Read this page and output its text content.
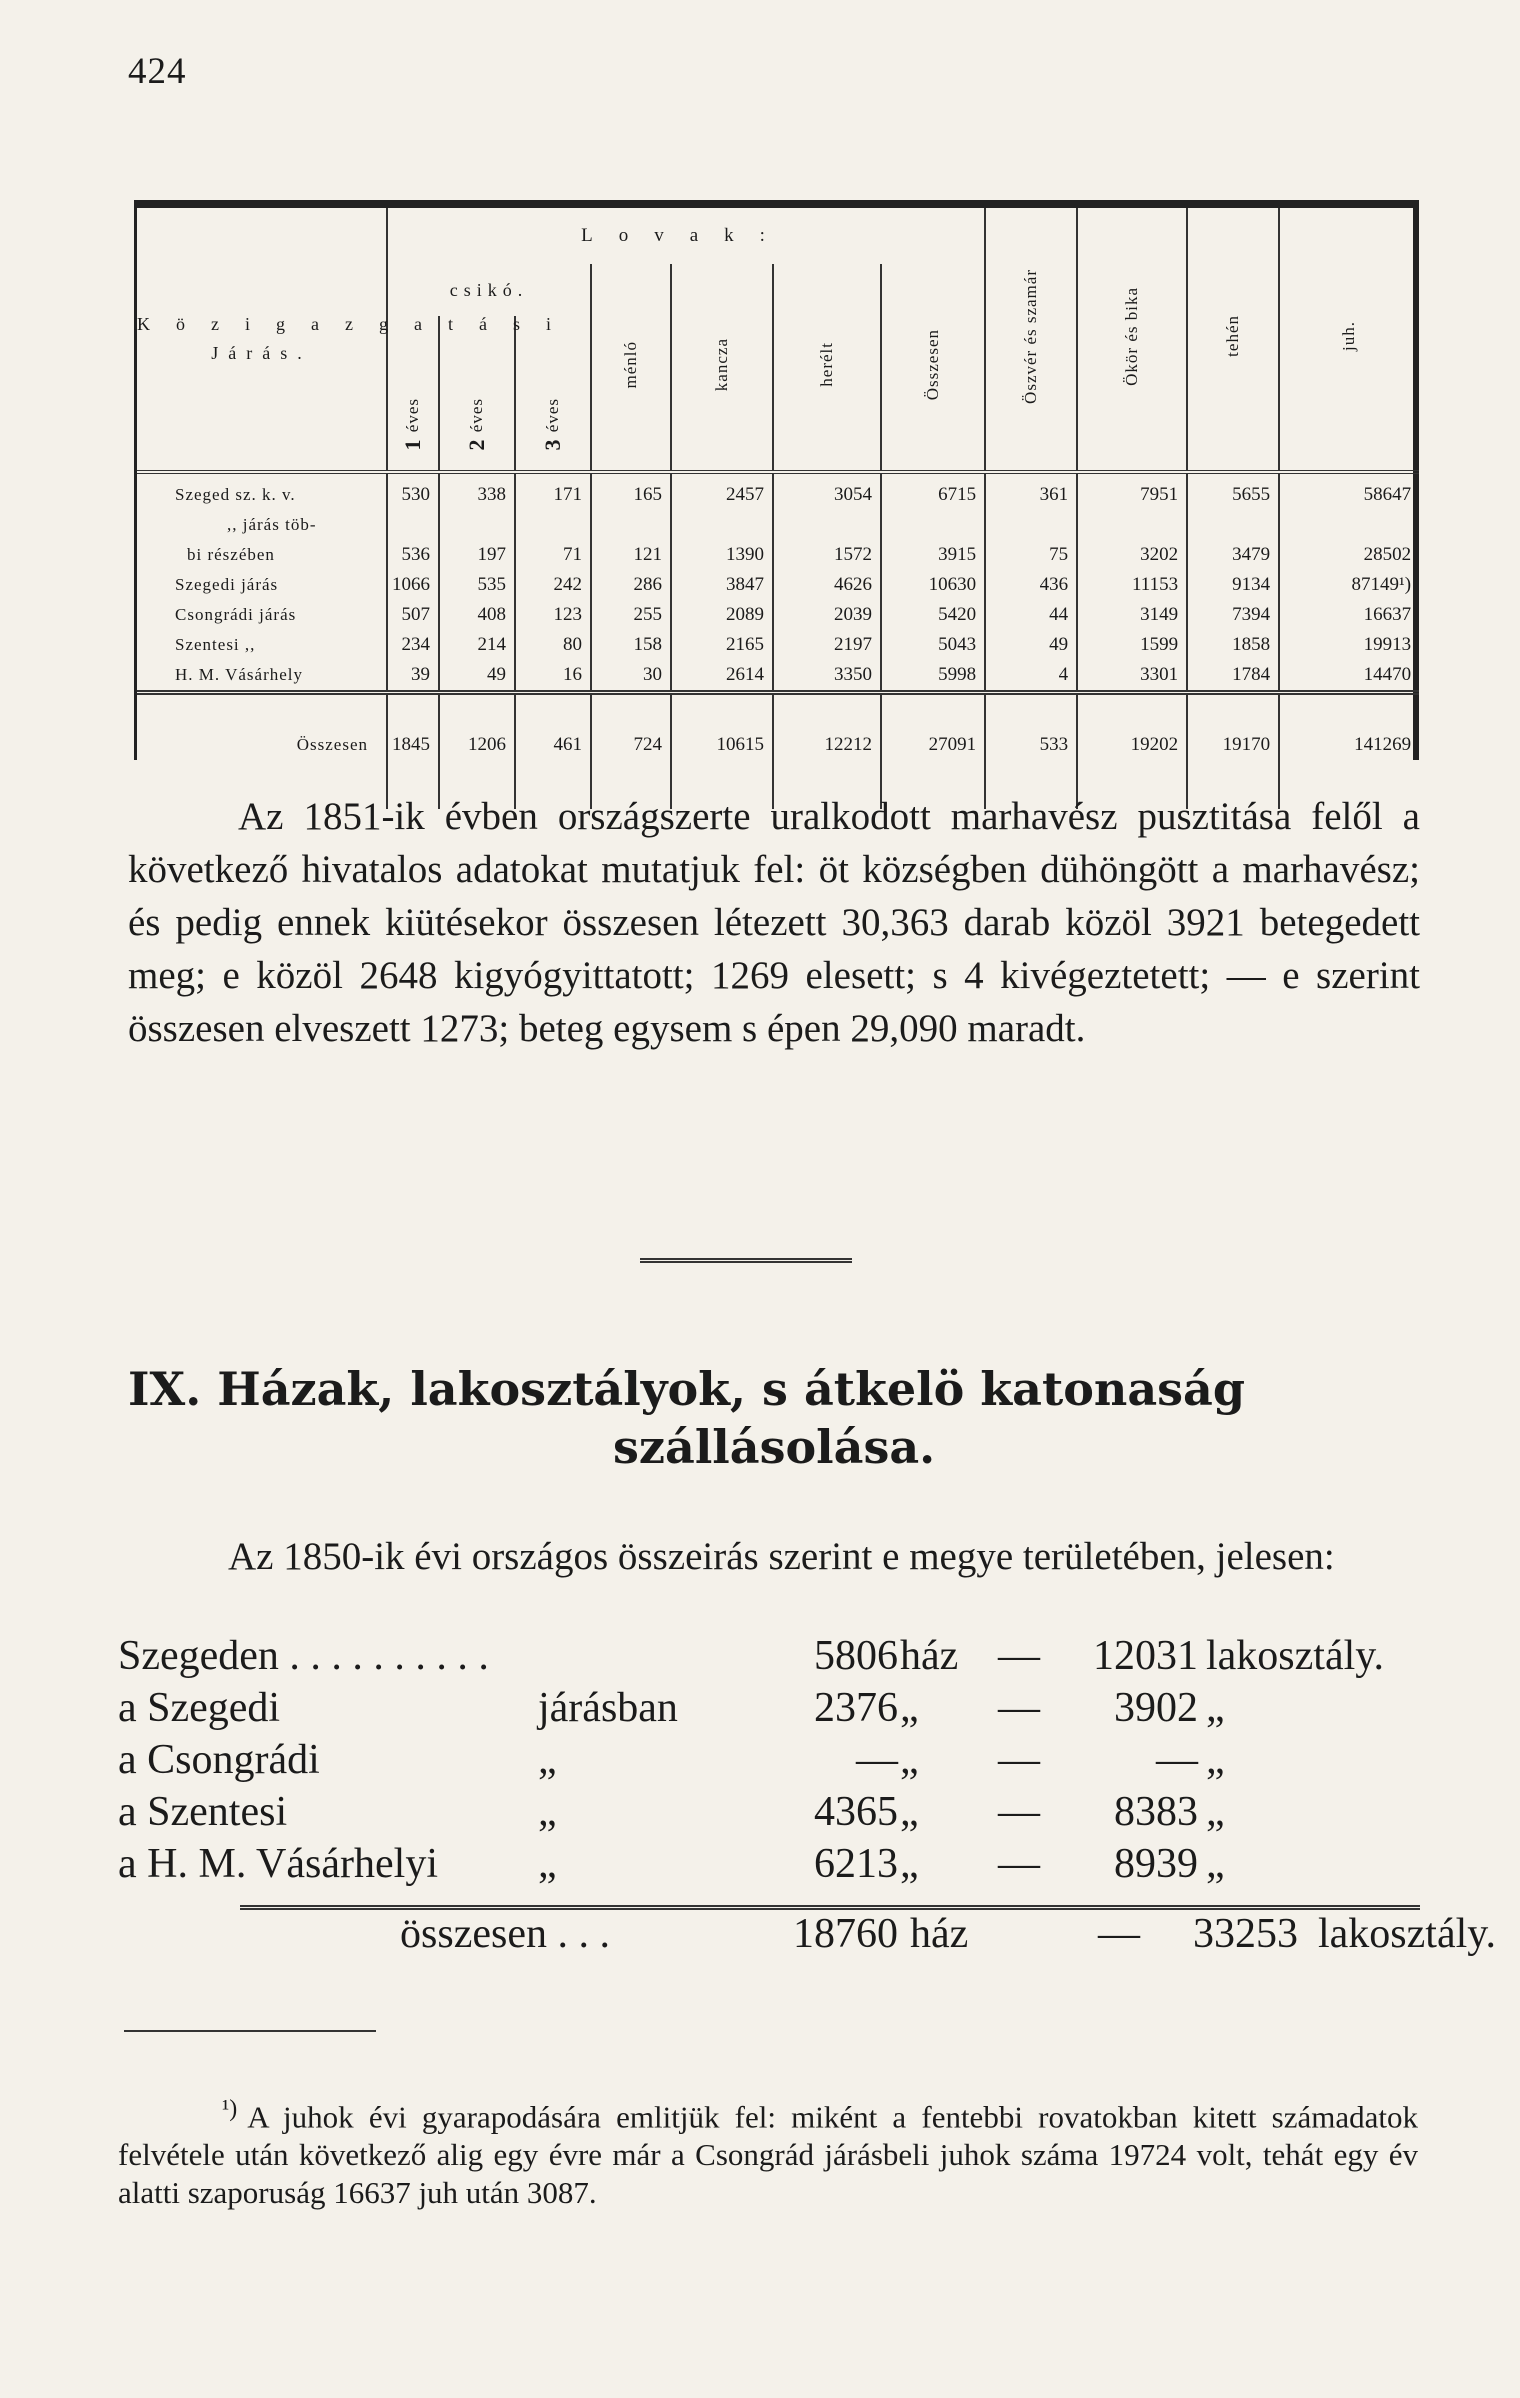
424
Közigazgatási
Járás.	Lovak:							Öszvér és szamár	Ökör és bika	tehén	juh.
	csikó.			ménló	kancza	herélt	Összesen				
	1 éves	2 éves	3 éves								

Szeged sz. k. v.	530	338	171	165	2457	3054	6715	361	7951	5655	58647
,, járás töb-											
bi részében	536	197	71	121	1390	1572	3915	75	3202	3479	28502
Szegedi járás	1066	535	242	286	3847	4626	10630	436	11153	9134	87149¹)
Csongrádi járás	507	408	123	255	2089	2039	5420	44	3149	7394	16637
Szentesi ,,	234	214	80	158	2165	2197	5043	49	1599	1858	19913
H. M. Vásárhely	39	49	16	30	2614	3350	5998	4	3301	1784	14470

Összesen	1845	1206	461	724	10615	12212	27091	533	19202	19170	141269

Az 1851-ik évben országszerte uralkodott marhavész pusztitása felől a következő hivatalos adatokat mutatjuk fel: öt községben dühöngött a marhavész; és pedig ennek kiütésekor összesen létezett 30,363 darab közöl 3921 betegedett meg; e közöl 2648 kigyógyittatott; 1269 elesett; s 4 kivégeztetett; — e szerint összesen elveszett 1273; beteg egysem s épen 29,090 maradt.
IX. Házak, lakosztályok, s átkelö katonaság
szállásolása.
Az 1850-ik évi országos összeirás szerint e megye területében, jelesen:
Szegeden . . . . . . . . . .	5806 ház —	12031 lakosztály.
a Szegedi	járásban	2376 „ —	3902 „
a Csongrádi	„	— „ —	— „
a Szentesi	„	4365 „ —	8383 „
a H. M. Vásárhelyi „	6213 „ —	8939 „
összesen . . .	18760 ház	—	33253 lakosztály.
$^{^1)}$ A juhok évi gyarapodására emlitjük fel: miként a fentebbi rovatokban kitett számadatok felvétele után következő alig egy évre már a Csongrád járásbeli juhok száma 19724 volt, tehát egy év alatti szaporuság 16637 juh után 3087.
